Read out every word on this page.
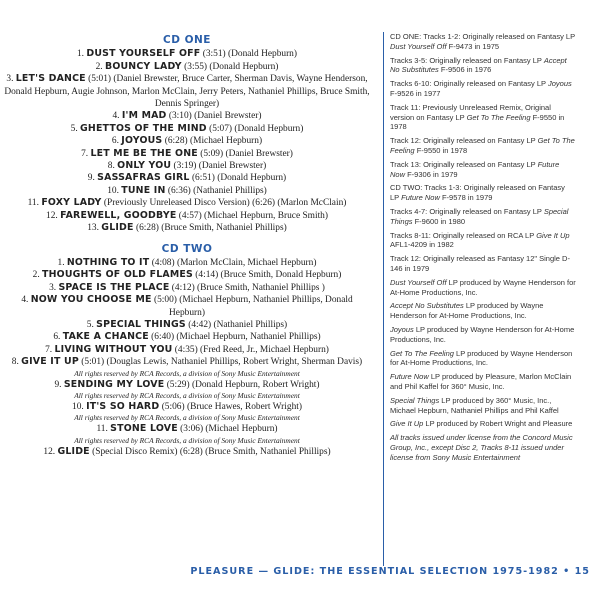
CD ONE
1. DUST YOURSELF OFF (3:51) (Donald Hepburn)
2. BOUNCY LADY (3:55) (Donald Hepburn)
3. LET'S DANCE (5:01) (Daniel Brewster, Bruce Carter, Sherman Davis, Wayne Henderson, Donald Hepburn, Augie Johnson, Marlon McClain, Jerry Peters, Nathaniel Phillips, Bruce Smith, Dennis Springer)
4. I'M MAD (3:10) (Daniel Brewster)
5. GHETTOS OF THE MIND (5:07) (Donald Hepburn)
6. JOYOUS (6:28) (Michael Hepburn)
7. LET ME BE THE ONE (5:09) (Daniel Brewster)
8. ONLY YOU (3:19) (Daniel Brewster)
9. SASSAFRAS GIRL (6:51) (Donald Hepburn)
10. TUNE IN (6:36) (Nathaniel Phillips)
11. FOXY LADY (Previously Unreleased Disco Version) (6:26) (Marlon McClain)
12. FAREWELL, GOODBYE (4:57) (Michael Hepburn, Bruce Smith)
13. GLIDE (6:28) (Bruce Smith, Nathaniel Phillips)
CD TWO
1. NOTHING TO IT (4:08) (Marlon McClain, Michael Hepburn)
2. THOUGHTS OF OLD FLAMES (4:14) (Bruce Smith, Donald Hepburn)
3. SPACE IS THE PLACE (4:12) (Bruce Smith, Nathaniel Phillips )
4. NOW YOU CHOOSE ME (5:00) (Michael Hepburn, Nathaniel Phillips, Donald Hepburn)
5. SPECIAL THINGS (4:42) (Nathaniel Phillips)
6. TAKE A CHANCE (6:40) (Michael Hepburn, Nathaniel Phillips)
7. LIVING WITHOUT YOU (4:35) (Fred Reed, Jr., Michael Hepburn)
8. GIVE IT UP (5:01) (Douglas Lewis, Nathaniel Phillips, Robert Wright, Sherman Davis)
All rights reserved by RCA Records, a division of Sony Music Entertainment
9. SENDING MY LOVE (5:29) (Donald Hepburn, Robert Wright)
All rights reserved by RCA Records, a division of Sony Music Entertainment
10. IT'S SO HARD (5:06) (Bruce Hawes, Robert Wright)
All rights reserved by RCA Records, a division of Sony Music Entertainment
11. STONE LOVE (3:06) (Michael Hepburn)
All rights reserved by RCA Records, a division of Sony Music Entertainment
12. GLIDE (Special Disco Remix) (6:28) (Bruce Smith, Nathaniel Phillips)
CD ONE: Tracks 1-2: Originally released on Fantasy LP Dust Yourself Off F-9473 in 1975
Tracks 3-5: Originally released on Fantasy LP Accept No Substitutes F-9506 in 1976
Tracks 6-10: Originally released on Fantasy LP Joyous F-9526 in 1977
Track 11: Previously Unreleased Remix, Original version on Fantasy LP Get To The Feeling F-9550 in 1978
Track 12: Originally released on Fantasy LP Get To The Feeling F-9550 in 1978
Track 13: Originally released on Fantasy LP Future Now F-9306 in 1979
CD TWO: Tracks 1-3: Originally released on Fantasy LP Future Now F-9578 in 1979
Tracks 4-7: Originally released on Fantasy LP Special Things F-9600 in 1980
Tracks 8-11: Originally released on RCA LP Give It Up AFL1-4209 in 1982
Track 12: Originally released as Fantasy 12" Single D-146 in 1979
Dust Yourself Off LP produced by Wayne Henderson for At-Home Productions, Inc.
Accept No Substitutes LP produced by Wayne Henderson for At-Home Productions, Inc.
Joyous LP produced by Wayne Henderson for At-Home Productions, Inc.
Get To The Feeling LP produced by Wayne Henderson for At-Home Productions, Inc.
Future Now LP produced by Pleasure, Marlon McClain and Phil Kaffel for 360° Music, Inc.
Special Things LP produced by 360° Music, Inc., Michael Hepburn, Nathaniel Phillips and Phil Kaffel
Give It Up LP produced by Robert Wright and Pleasure
All tracks issued under license from the Concord Music Group, Inc., except Disc 2, Tracks 8-11 issued under license from Sony Music Entertainment
PLEASURE — GLIDE: THE ESSENTIAL SELECTION 1975-1982 • 15
